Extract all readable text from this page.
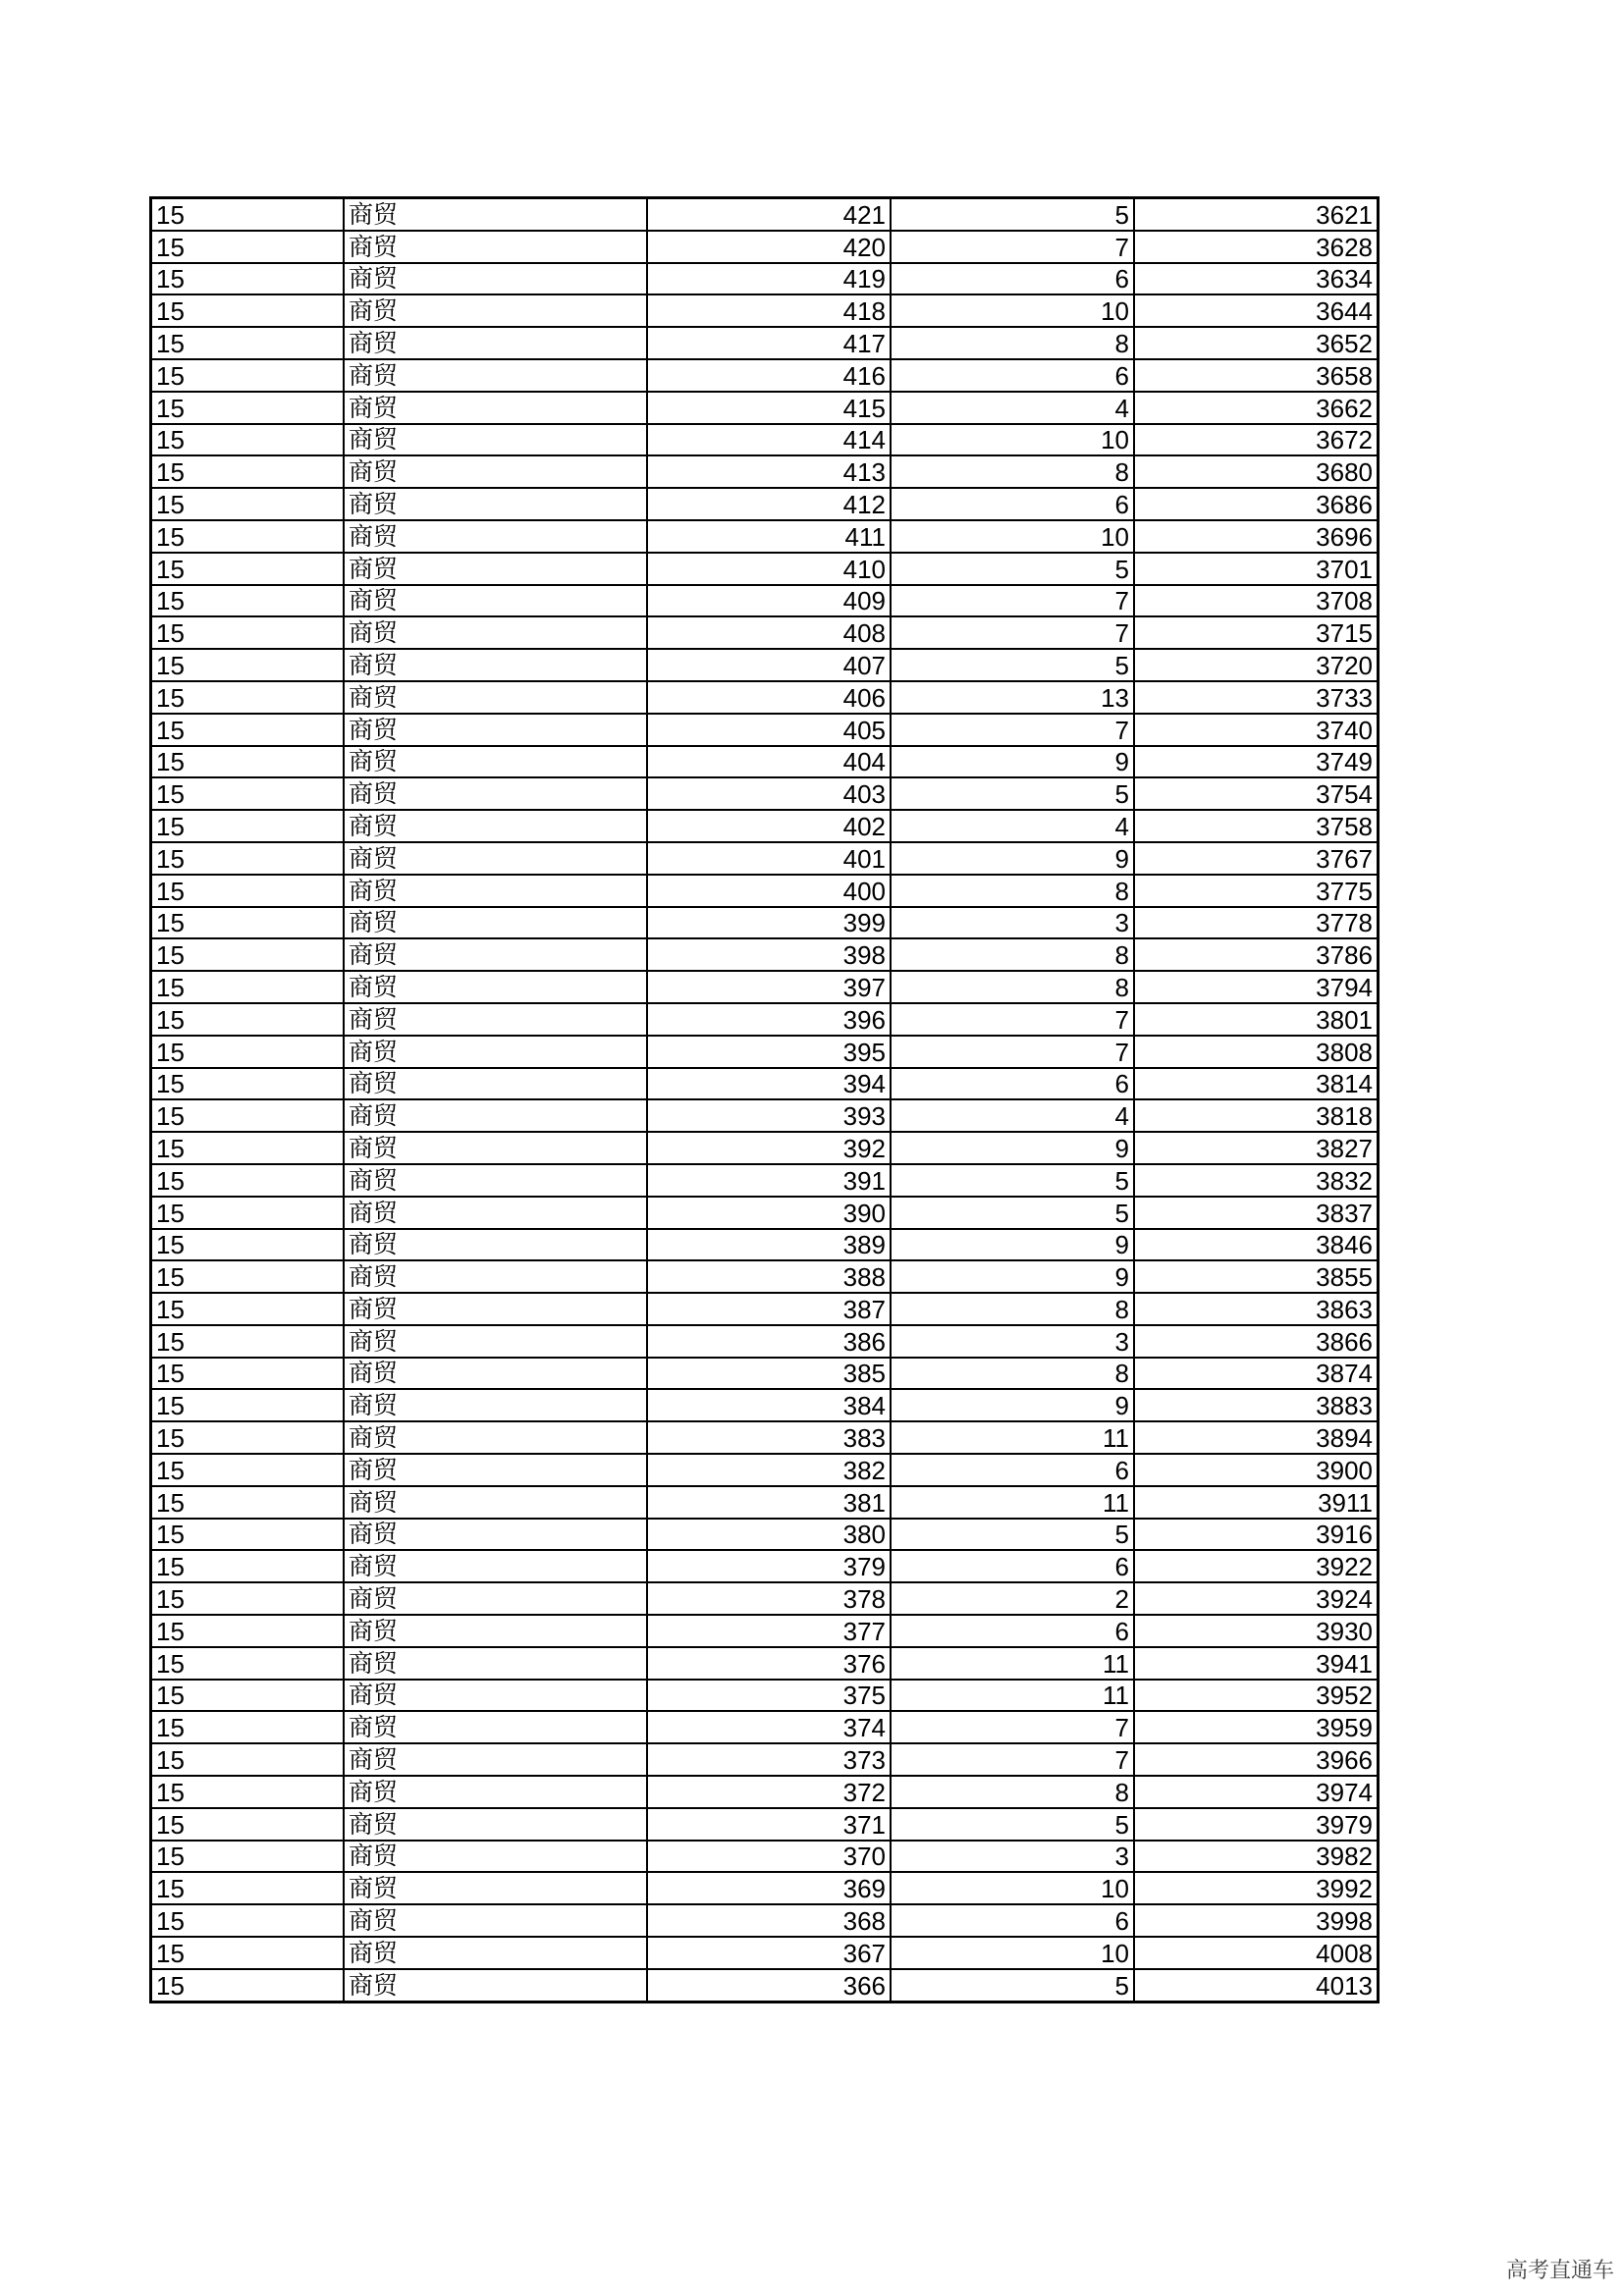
15	商贸	421	5	3621
15	商贸	420	7	3628
15	商贸	419	6	3634
15	商贸	418	10	3644
15	商贸	417	8	3652
15	商贸	416	6	3658
15	商贸	415	4	3662
15	商贸	414	10	3672
15	商贸	413	8	3680
15	商贸	412	6	3686
15	商贸	411	10	3696
15	商贸	410	5	3701
15	商贸	409	7	3708
15	商贸	408	7	3715
15	商贸	407	5	3720
15	商贸	406	13	3733
15	商贸	405	7	3740
15	商贸	404	9	3749
15	商贸	403	5	3754
15	商贸	402	4	3758
15	商贸	401	9	3767
15	商贸	400	8	3775
15	商贸	399	3	3778
15	商贸	398	8	3786
15	商贸	397	8	3794
15	商贸	396	7	3801
15	商贸	395	7	3808
15	商贸	394	6	3814
15	商贸	393	4	3818
15	商贸	392	9	3827
15	商贸	391	5	3832
15	商贸	390	5	3837
15	商贸	389	9	3846
15	商贸	388	9	3855
15	商贸	387	8	3863
15	商贸	386	3	3866
15	商贸	385	8	3874
15	商贸	384	9	3883
15	商贸	383	11	3894
15	商贸	382	6	3900
15	商贸	381	11	3911
15	商贸	380	5	3916
15	商贸	379	6	3922
15	商贸	378	2	3924
15	商贸	377	6	3930
15	商贸	376	11	3941
15	商贸	375	11	3952
15	商贸	374	7	3959
15	商贸	373	7	3966
15	商贸	372	8	3974
15	商贸	371	5	3979
15	商贸	370	3	3982
15	商贸	369	10	3992
15	商贸	368	6	3998
15	商贸	367	10	4008
15	商贸	366	5	4013
高考直通车
